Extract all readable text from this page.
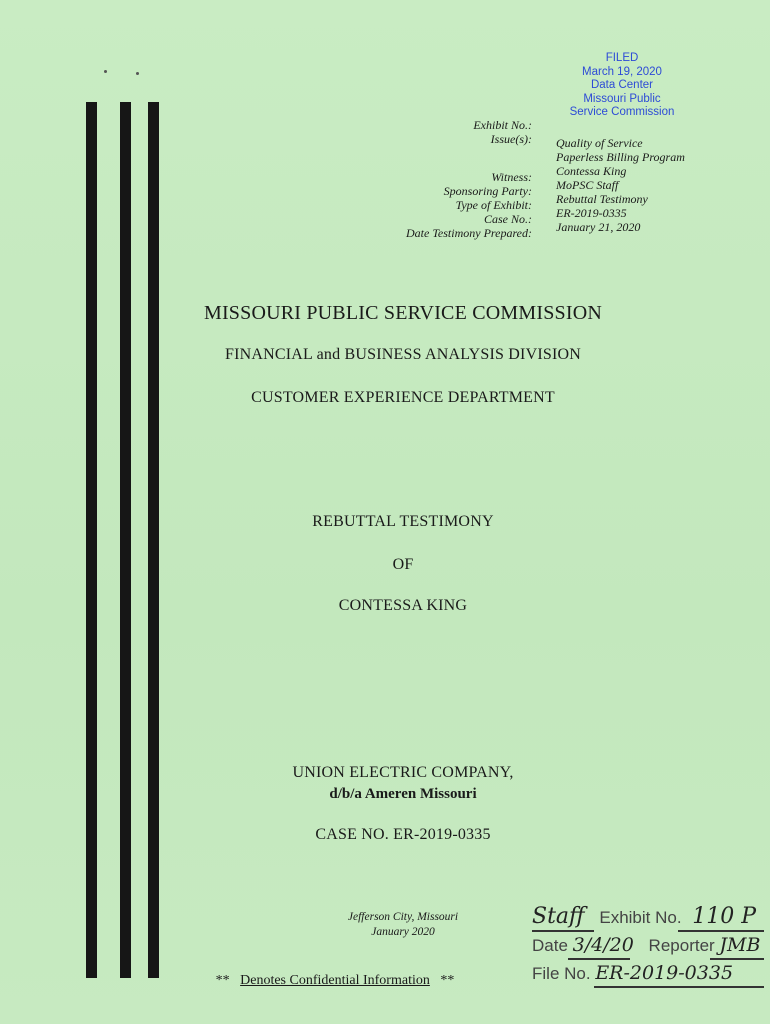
FILED
March 19, 2020
Data Center
Missouri Public
Service Commission
Exhibit No.:
Issue(s):
Witness:
Sponsoring Party:
Type of Exhibit:
Case No.:
Date Testimony Prepared:
Quality of Service
Paperless Billing Program
Contessa King
MoPSC Staff
Rebuttal Testimony
ER-2019-0335
January 21, 2020
MISSOURI PUBLIC SERVICE COMMISSION
FINANCIAL and BUSINESS ANALYSIS DIVISION
CUSTOMER EXPERIENCE DEPARTMENT
REBUTTAL TESTIMONY
OF
CONTESSA KING
UNION ELECTRIC COMPANY,
d/b/a Ameren Missouri
CASE NO. ER-2019-0335
Jefferson City, Missouri
January 2020
** Denotes Confidential Information **
Staff Exhibit No. 110 P
Date 3/4/20 Reporter JMB
File No. ER-2019-0335
